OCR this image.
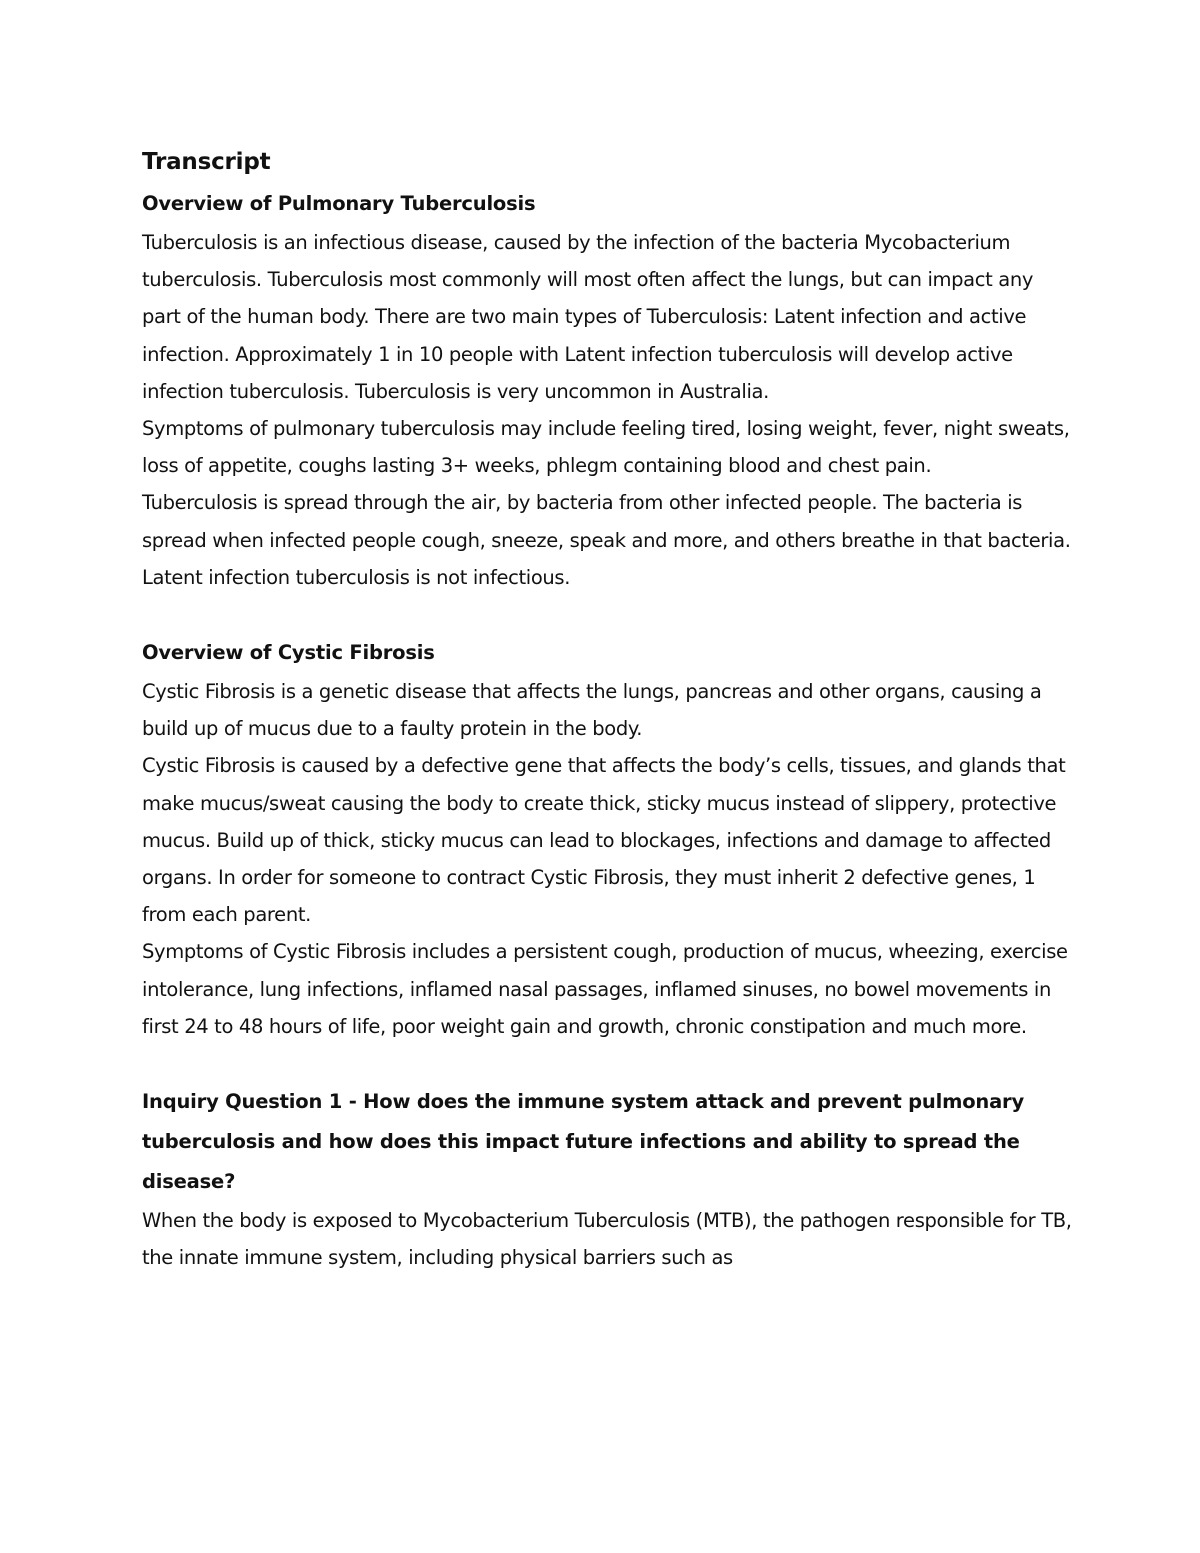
Transcript
Overview of Pulmonary Tuberculosis

Tuberculosis is an infectious disease, caused by the infection of the bacteria Mycobacterium tuberculosis. Tuberculosis most commonly will most often affect the lungs, but can impact any part of the human body. There are two main types of Tuberculosis: Latent infection and active infection. Approximately 1 in 10 people with Latent infection tuberculosis will develop active infection tuberculosis. Tuberculosis is very uncommon in Australia.

Symptoms of pulmonary tuberculosis may include feeling tired, losing weight, fever, night sweats, loss of appetite, coughs lasting 3+ weeks, phlegm containing blood and chest pain.

Tuberculosis is spread through the air, by bacteria from other infected people. The bacteria is spread when infected people cough, sneeze, speak and more, and others breathe in that bacteria. Latent infection tuberculosis is not infectious.

Overview of Cystic Fibrosis

Cystic Fibrosis is a genetic disease that affects the lungs, pancreas and other organs, causing a build up of mucus due to a faulty protein in the body.

Cystic Fibrosis is caused by a defective gene that affects the body’s cells, tissues, and glands that make mucus/sweat causing the body to create thick, sticky mucus instead of slippery, protective mucus. Build up of thick, sticky mucus can lead to blockages, infections and damage to affected organs. In order for someone to contract Cystic Fibrosis, they must inherit 2 defective genes, 1 from each parent.

Symptoms of Cystic Fibrosis includes a persistent cough, production of mucus, wheezing, exercise intolerance, lung infections, inflamed nasal passages, inflamed sinuses, no bowel movements in first 24 to 48 hours of life, poor weight gain and growth, chronic constipation and much more.

Inquiry Question 1 - How does the immune system attack and prevent pulmonary tuberculosis and how does this impact future infections and ability to spread the disease?

When the body is exposed to Mycobacterium Tuberculosis (MTB), the pathogen responsible for TB, the innate immune system, including physical barriers such as
